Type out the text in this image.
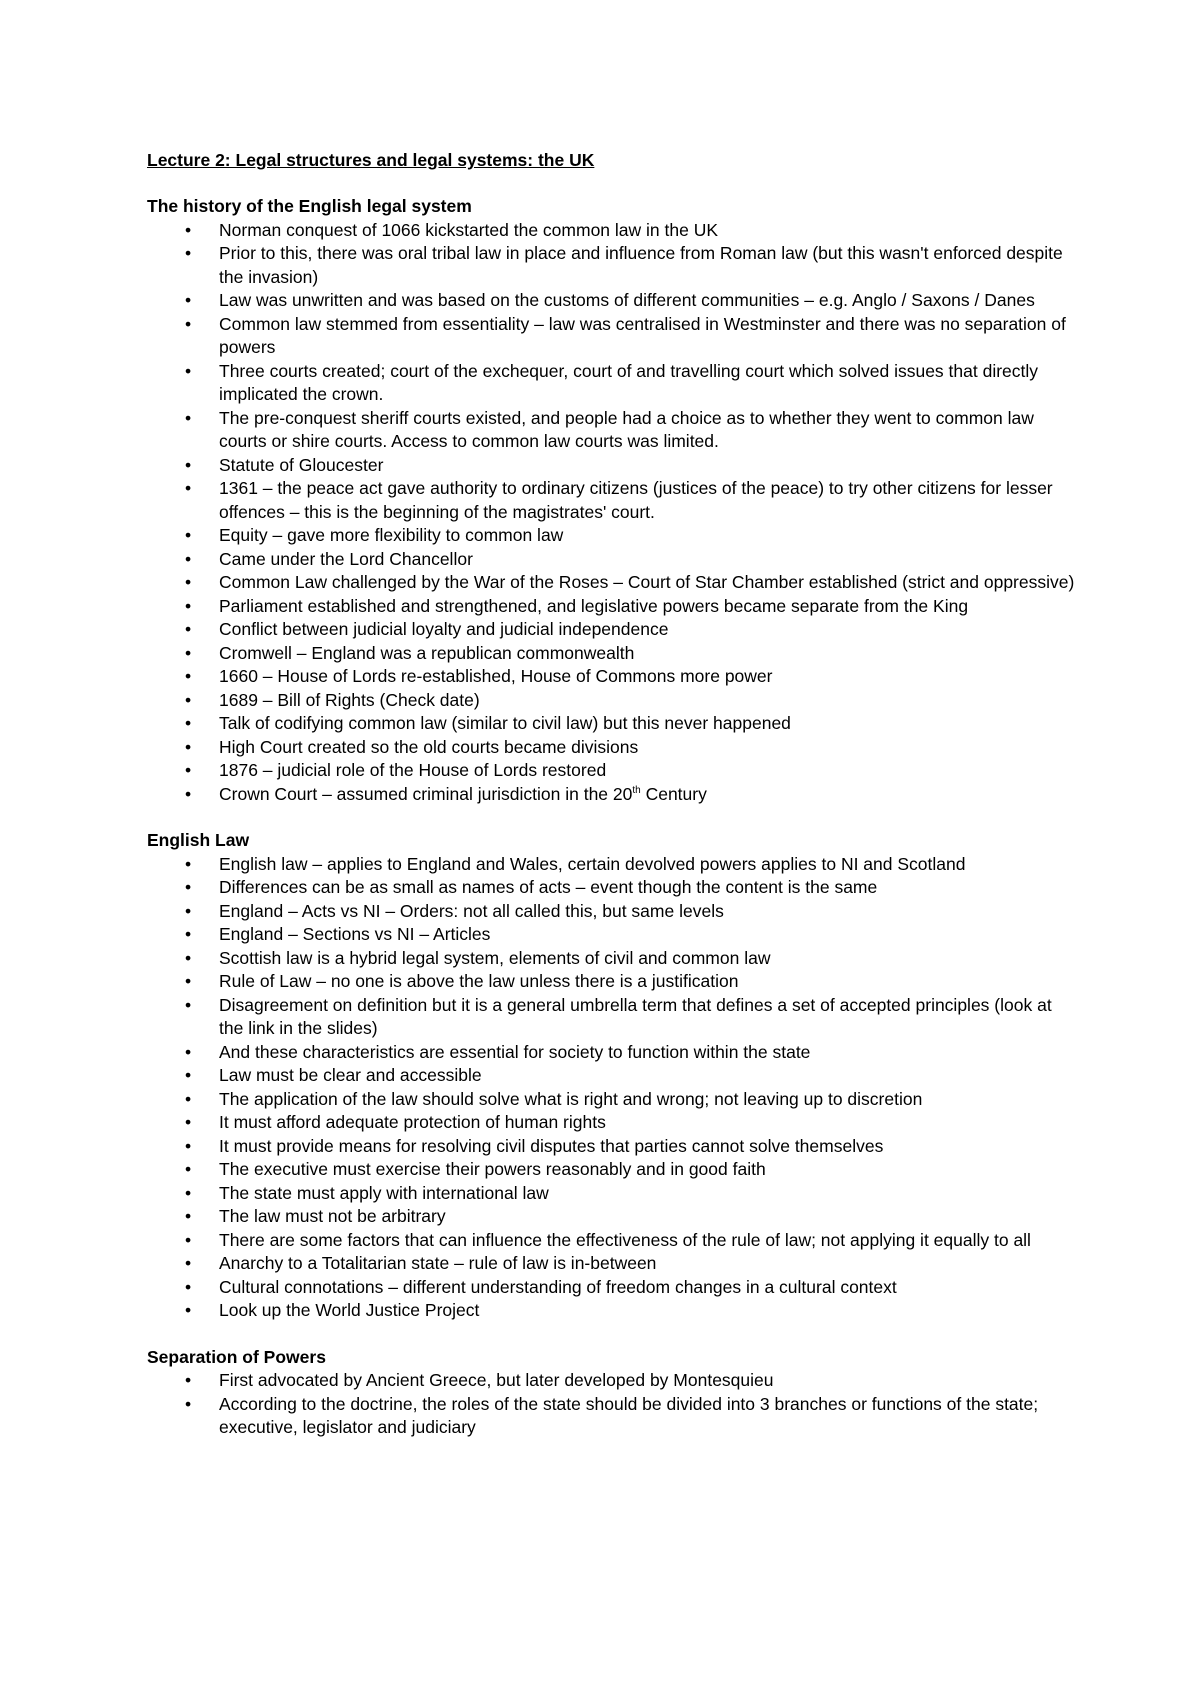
Lecture 2: Legal structures and legal systems: the UK
The history of the English legal system
• Norman conquest of 1066 kickstarted the common law in the UK
• Prior to this, there was oral tribal law in place and influence from Roman law (but this wasn't enforced despite the invasion)
• Law was unwritten and was based on the customs of different communities – e.g. Anglo / Saxons / Danes
• Common law stemmed from essentiality – law was centralised in Westminster and there was no separation of powers
• Three courts created; court of the exchequer, court of and travelling court which solved issues that directly implicated the crown.
• The pre-conquest sheriff courts existed, and people had a choice as to whether they went to common law courts or shire courts. Access to common law courts was limited.
• Statute of Gloucester
• 1361 – the peace act gave authority to ordinary citizens (justices of the peace) to try other citizens for lesser offences – this is the beginning of the magistrates' court.
• Equity – gave more flexibility to common law
• Came under the Lord Chancellor
• Common Law challenged by the War of the Roses – Court of Star Chamber established (strict and oppressive)
• Parliament established and strengthened, and legislative powers became separate from the King
• Conflict between judicial loyalty and judicial independence
• Cromwell – England was a republican commonwealth
• 1660 – House of Lords re-established, House of Commons more power
• 1689 – Bill of Rights (Check date)
• Talk of codifying common law (similar to civil law) but this never happened
• High Court created so the old courts became divisions
• 1876 – judicial role of the House of Lords restored
• Crown Court – assumed criminal jurisdiction in the 20th Century
English Law
• English law – applies to England and Wales, certain devolved powers applies to NI and Scotland
• Differences can be as small as names of acts – event though the content is the same
• England – Acts vs NI – Orders: not all called this, but same levels
• England – Sections vs NI – Articles
• Scottish law is a hybrid legal system, elements of civil and common law
• Rule of Law – no one is above the law unless there is a justification
• Disagreement on definition but it is a general umbrella term that defines a set of accepted principles (look at the link in the slides)
• And these characteristics are essential for society to function within the state
• Law must be clear and accessible
• The application of the law should solve what is right and wrong; not leaving up to discretion
• It must afford adequate protection of human rights
• It must provide means for resolving civil disputes that parties cannot solve themselves
• The executive must exercise their powers reasonably and in good faith
• The state must apply with international law
• The law must not be arbitrary
• There are some factors that can influence the effectiveness of the rule of law; not applying it equally to all
• Anarchy to a Totalitarian state – rule of law is in-between
• Cultural connotations – different understanding of freedom changes in a cultural context
• Look up the World Justice Project
Separation of Powers
• First advocated by Ancient Greece, but later developed by Montesquieu
• According to the doctrine, the roles of the state should be divided into 3 branches or functions of the state; executive, legislator and judiciary
